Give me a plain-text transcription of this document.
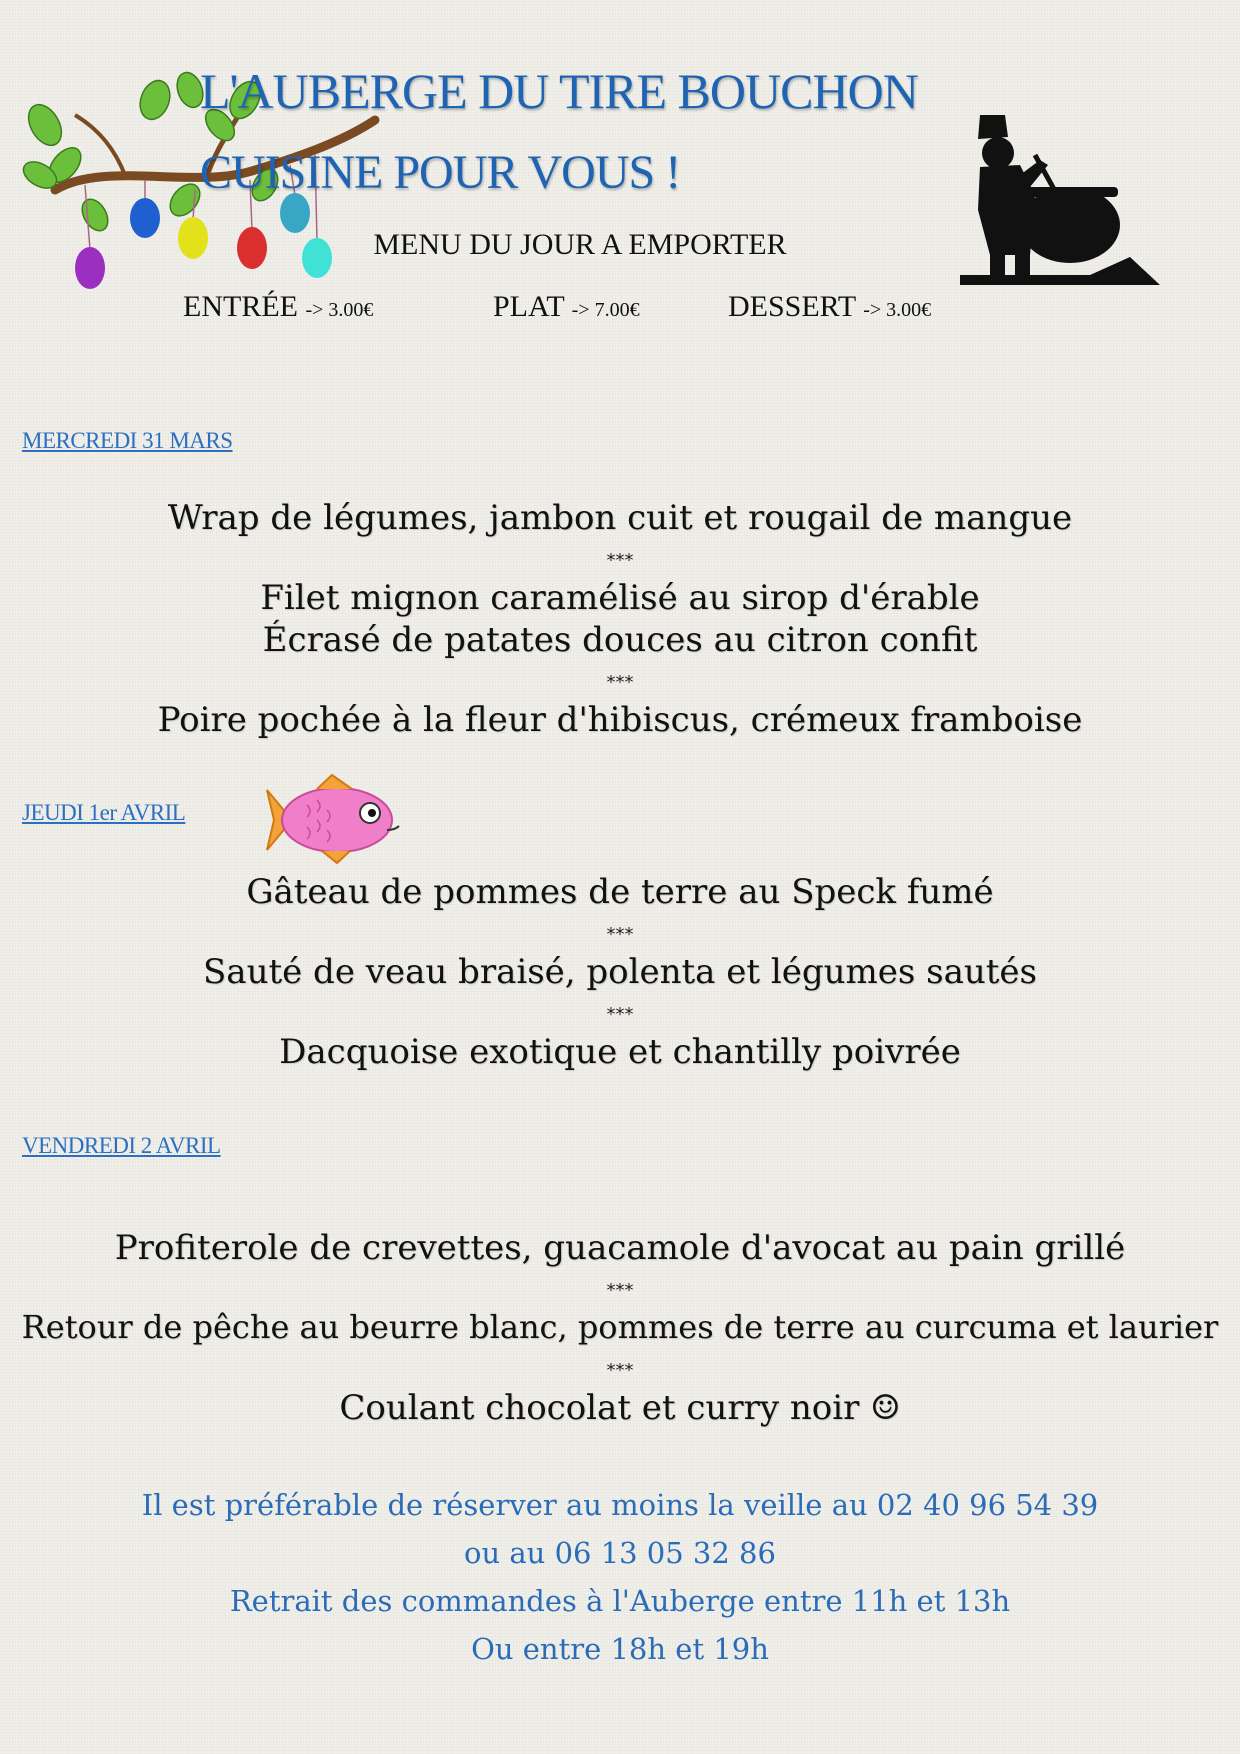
L'AUBERGE DU TIRE BOUCHON
CUISINE POUR VOUS !
MENU DU JOUR A EMPORTER
ENTRÉE -> 3.00€	PLAT -> 7.00€	DESSERT -> 3.00€
MERCREDI 31 MARS
Wrap de légumes, jambon cuit et rougail de mangue
***
Filet mignon caramélisé au sirop d'érable
Écrasé de patates douces au citron confit
***
Poire pochée à la fleur d'hibiscus, crémeux framboise
JEUDI 1er AVRIL
Gâteau de pommes de terre au Speck fumé
***
Sauté de veau braisé, polenta et légumes sautés
***
Dacquoise exotique et chantilly poivrée
VENDREDI 2 AVRIL
Profiterole de crevettes, guacamole d'avocat au pain grillé
***
Retour de pêche au beurre blanc, pommes de terre au curcuma et laurier
***
Coulant chocolat et curry noir ☺
Il est préférable de réserver au moins la veille au 02 40 96 54 39
ou au 06 13 05 32 86
Retrait des commandes à l'Auberge entre 11h et 13h
Ou entre 18h et 19h
